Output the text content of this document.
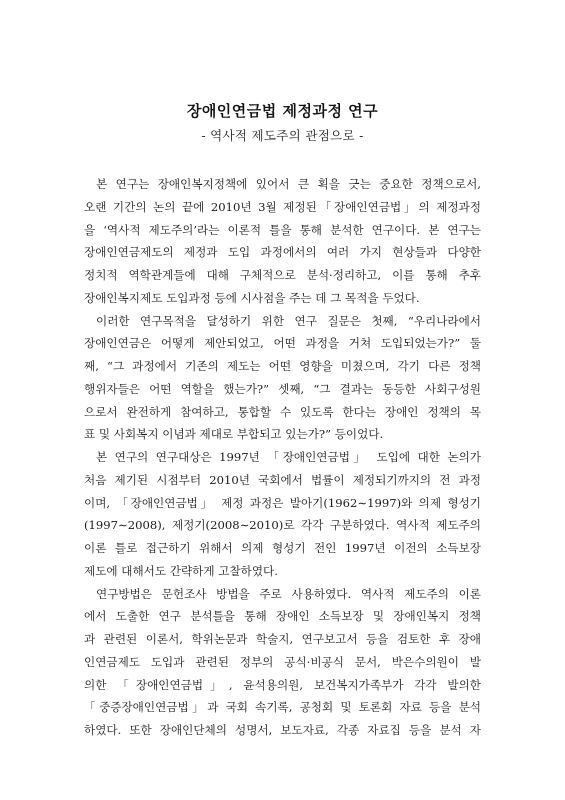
장애인연금법 제정과정 연구
- 역사적 제도주의 관점으로 -
본 연구는 장애인복지정책에 있어서 큰 획을 긋는 중요한 정책으로서,
오랜 기간의 논의 끝에 2010년 3월 제정된「장애인연금법」의 제정과정
을 ‘역사적 제도주의’라는 이론적 틀을 통해 분석한 연구이다. 본 연구는
장애인연금제도의 제정과 도입 과정에서의 여러 가지 현상들과 다양한
정치적 역학관계들에 대해 구체적으로 분석·정리하고, 이를 통해 추후
장애인복지제도 도입과정 등에 시사점을 주는 데 그 목적을 두었다.
이러한 연구목적을 달성하기 위한 연구 질문은 첫째, “우리나라에서
장애인연금은 어떻게 제안되었고, 어떤 과정을 거쳐 도입되었는가?” 둘
째, “그 과정에서 기존의 제도는 어떤 영향을 미쳤으며, 각기 다른 정책
행위자들은 어떤 역할을 했는가?” 셋째, “그 결과는 동등한 사회구성원
으로서 완전하게 참여하고, 통합할 수 있도록 한다는 장애인 정책의 목
표 및 사회복지 이념과 제대로 부합되고 있는가?” 등이었다.
본 연구의 연구대상은 1997년 「장애인연금법」 도입에 대한 논의가
처음 제기된 시점부터 2010년 국회에서 법률이 제정되기까지의 전 과정
이며, 「장애인연금법」 제정 과정은 발아기(1962∼1997)와 의제 형성기
(1997∼2008), 제정기(2008∼2010)로 각각 구분하였다. 역사적 제도주의
이론 틀로 접근하기 위해서 의제 형성기 전인 1997년 이전의 소득보장
제도에 대해서도 간략하게 고찰하였다.
연구방법은 문헌조사 방법을 주로 사용하였다. 역사적 제도주의 이론
에서 도출한 연구 분석틀을 통해 장애인 소득보장 및 장애인복지 정책
과 관련된 이론서, 학위논문과 학술지, 연구보고서 등을 검토한 후 장애
인연금제도 도입과 관련된 정부의 공식·비공식 문서, 박은수의원이 발
의한 「장애인연금법」, 윤석용의원, 보건복지가족부가 각각 발의한
「중증장애인연금법」과 국회 속기록, 공청회 및 토론회 자료 등을 분석
하였다. 또한 장애인단체의 성명서, 보도자료, 각종 자료집 등을 분석 자
